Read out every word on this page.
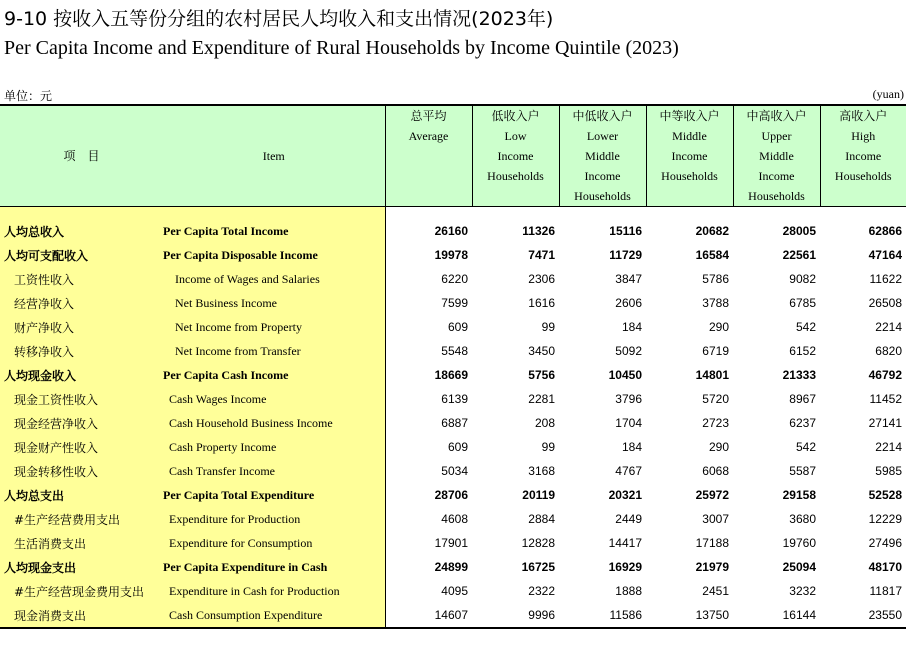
9-10 按收入五等份分组的农村居民人均收入和支出情况(2023年)
Per Capita Income and Expenditure of Rural Households by Income Quintile (2023)
单位：元	(yuan)
项　目	Item	总平均
Average	低收入户
Low
Income
Households	中低收入户
Lower
Middle
Income
Households	中等收入户
Middle
Income
Households	中高收入户
Upper
Middle
Income
Households	高收入户
High
Income
Households

人均总收入	Per Capita Total Income	26160	11326	15116	20682	28005	62866
人均可支配收入	Per Capita Disposable Income	19978	7471	11729	16584	22561	47164
工资性收入	Income of Wages and Salaries	6220	2306	3847	5786	9082	11622
经营净收入	Net Business Income	7599	1616	2606	3788	6785	26508
财产净收入	Net Income from Property	609	99	184	290	542	2214
转移净收入	Net Income from Transfer	5548	3450	5092	6719	6152	6820
人均现金收入	Per Capita Cash Income	18669	5756	10450	14801	21333	46792
现金工资性收入	Cash Wages Income	6139	2281	3796	5720	8967	11452
现金经营净收入	Cash Household Business Income	6887	208	1704	2723	6237	27141
现金财产性收入	Cash Property Income	609	99	184	290	542	2214
现金转移性收入	Cash Transfer Income	5034	3168	4767	6068	5587	5985
人均总支出	Per Capita Total Expenditure	28706	20119	20321	25972	29158	52528
#生产经营费用支出	Expenditure for Production	4608	2884	2449	3007	3680	12229
生活消费支出	Expenditure for Consumption	17901	12828	14417	17188	19760	27496
人均现金支出	Per Capita Expenditure in Cash	24899	16725	16929	21979	25094	48170
#生产经营现金费用支出	Expenditure in Cash for Production	4095	2322	1888	2451	3232	11817
现金消费支出	Cash Consumption Expenditure	14607	9996	11586	13750	16144	23550
